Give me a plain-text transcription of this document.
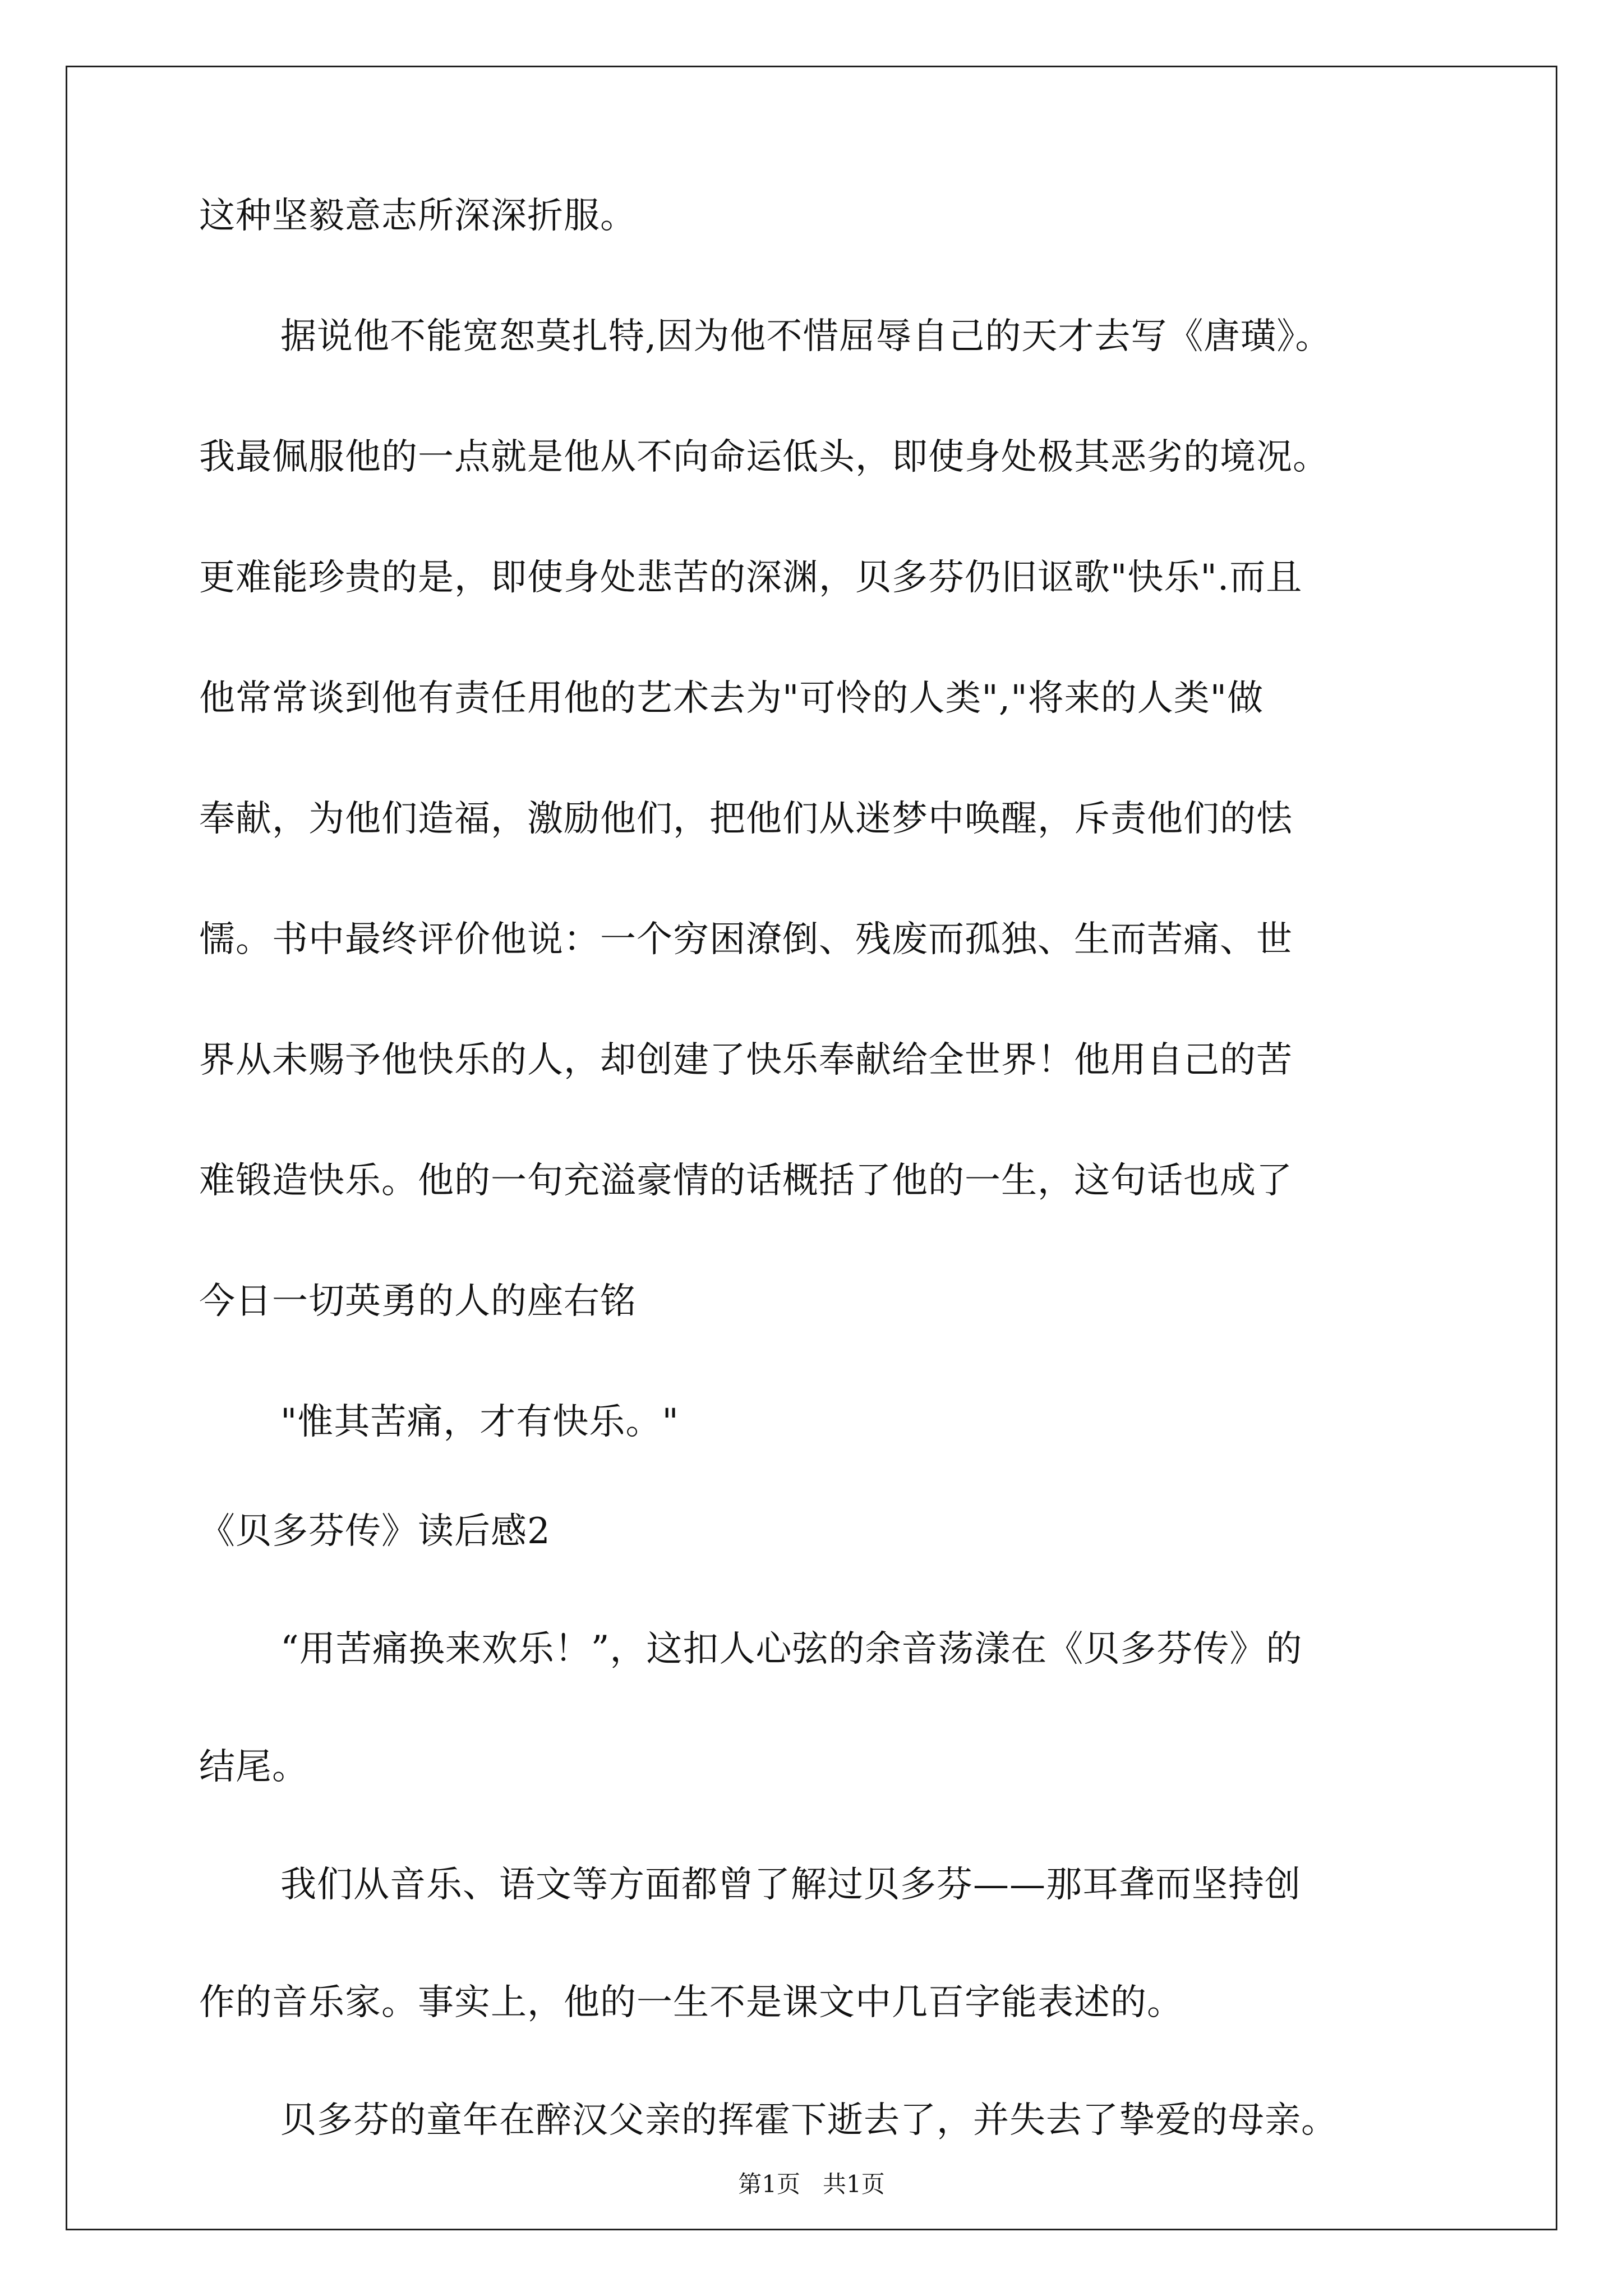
这种坚毅意志所深深折服。
据说他不能宽恕莫扎特,因为他不惜屈辱自己的天才去写《唐璜》。
我最佩服他的一点就是他从不向命运低头，即使身处极其恶劣的境况。
更难能珍贵的是，即使身处悲苦的深渊，贝多芬仍旧讴歌"快乐".而且
他常常谈到他有责任用他的艺术去为"可怜的人类","将来的人类"做
奉献，为他们造福，激励他们，把他们从迷梦中唤醒，斥责他们的怯
懦。书中最终评价他说：一个穷困潦倒、残废而孤独、生而苦痛、世
界从未赐予他快乐的人，却创建了快乐奉献给全世界！他用自己的苦
难锻造快乐。他的一句充溢豪情的话概括了他的一生，这句话也成了
今日一切英勇的人的座右铭
"惟其苦痛，才有快乐。"
《贝多芬传》读后感2
“用苦痛换来欢乐！”，这扣人心弦的余音荡漾在《贝多芬传》的
结尾。
我们从音乐、语文等方面都曾了解过贝多芬——那耳聋而坚持创
作的音乐家。事实上，他的一生不是课文中几百字能表述的。
第1页   共1页
贝多芬的童年在醉汉父亲的挥霍下逝去了，并失去了挚爱的母亲。
